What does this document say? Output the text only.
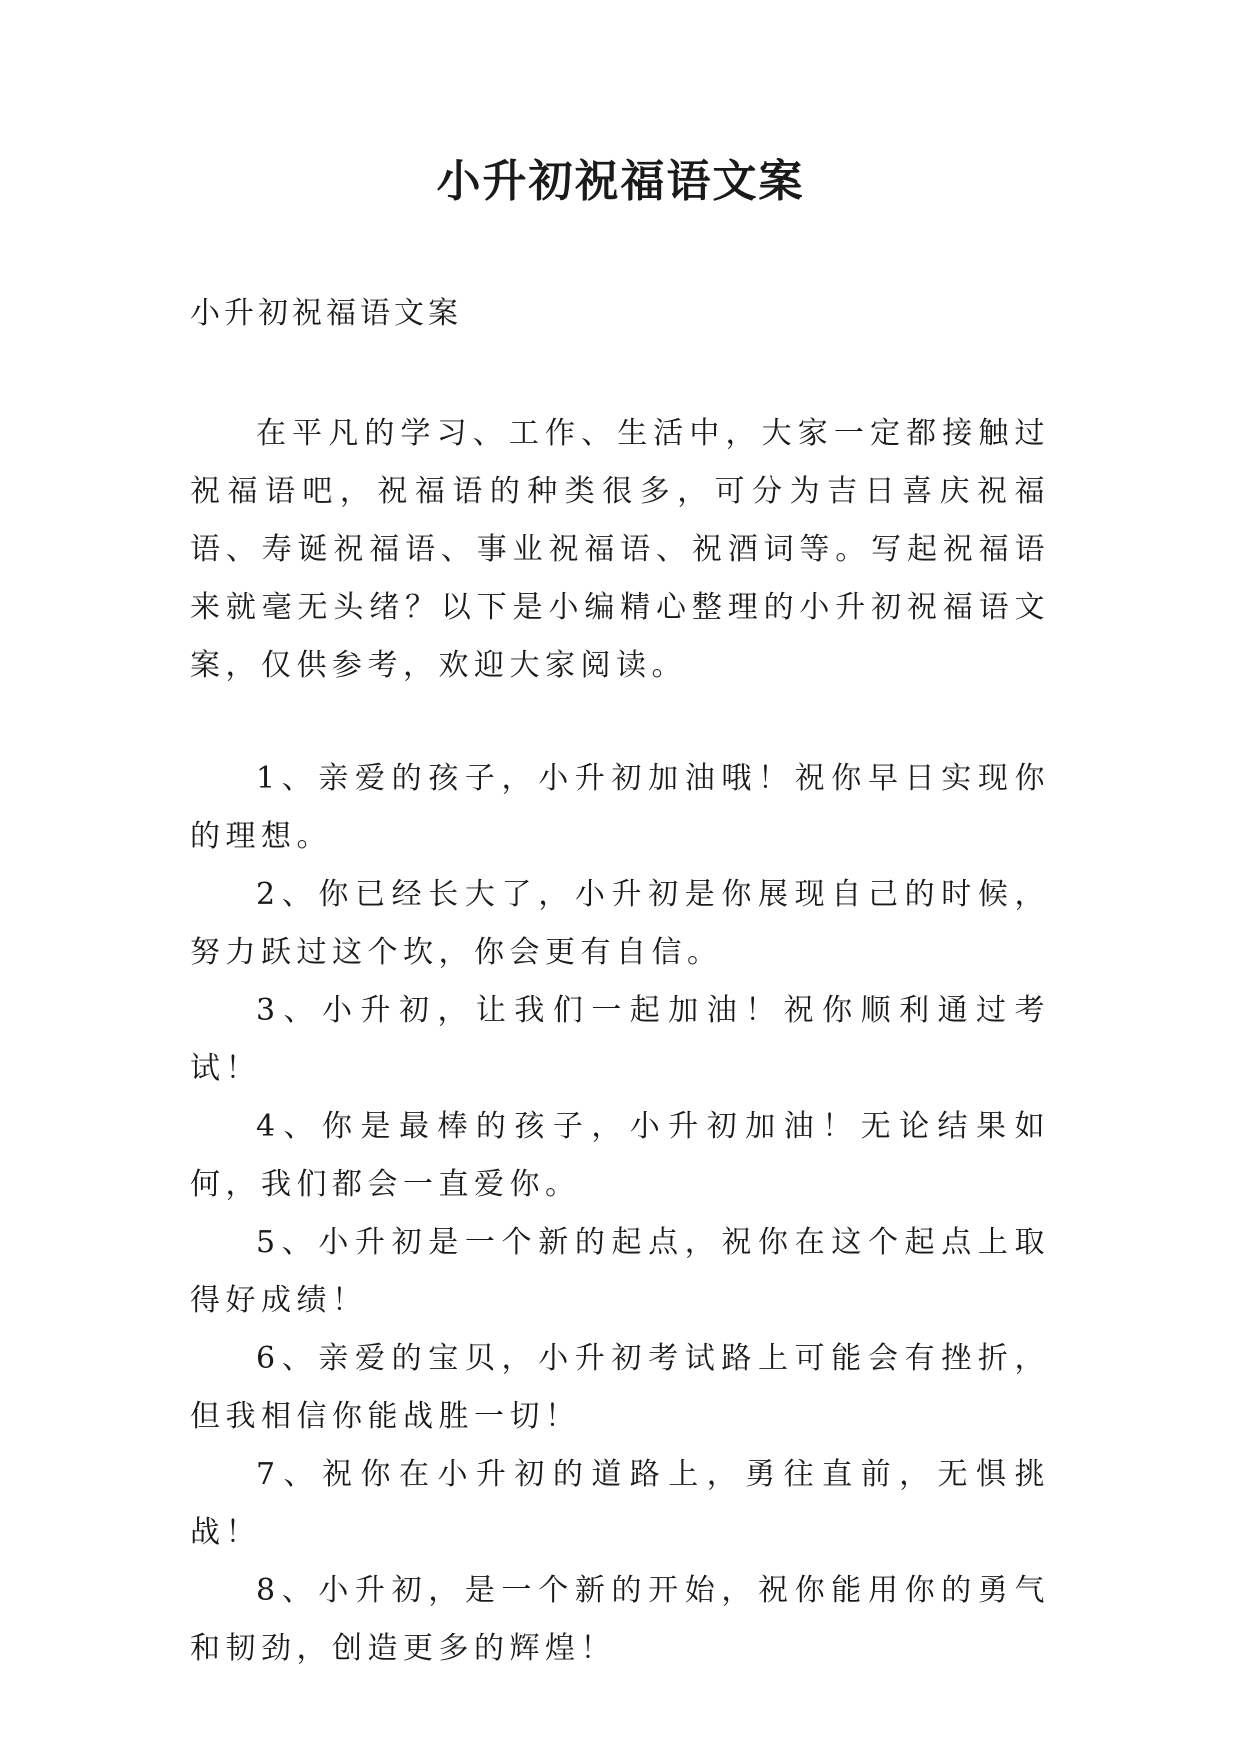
小升初祝福语文案

小升初祝福语文案

在平凡的学习、工作、生活中，大家一定都接触过祝福语吧，祝福语的种类很多，可分为吉日喜庆祝福语、寿诞祝福语、事业祝福语、祝酒词等。写起祝福语来就毫无头绪？以下是小编精心整理的小升初祝福语文案，仅供参考，欢迎大家阅读。

1、亲爱的孩子，小升初加油哦！祝你早日实现你的理想。

2、你已经长大了，小升初是你展现自己的时候，努力跃过这个坎，你会更有自信。

3、小升初，让我们一起加油！祝你顺利通过考试！

4、你是最棒的孩子，小升初加油！无论结果如何，我们都会一直爱你。

5、小升初是一个新的起点，祝你在这个起点上取得好成绩！

6、亲爱的宝贝，小升初考试路上可能会有挫折，但我相信你能战胜一切！

7、祝你在小升初的道路上，勇往直前，无惧挑战！

8、小升初，是一个新的开始，祝你能用你的勇气和韧劲，创造更多的辉煌！
